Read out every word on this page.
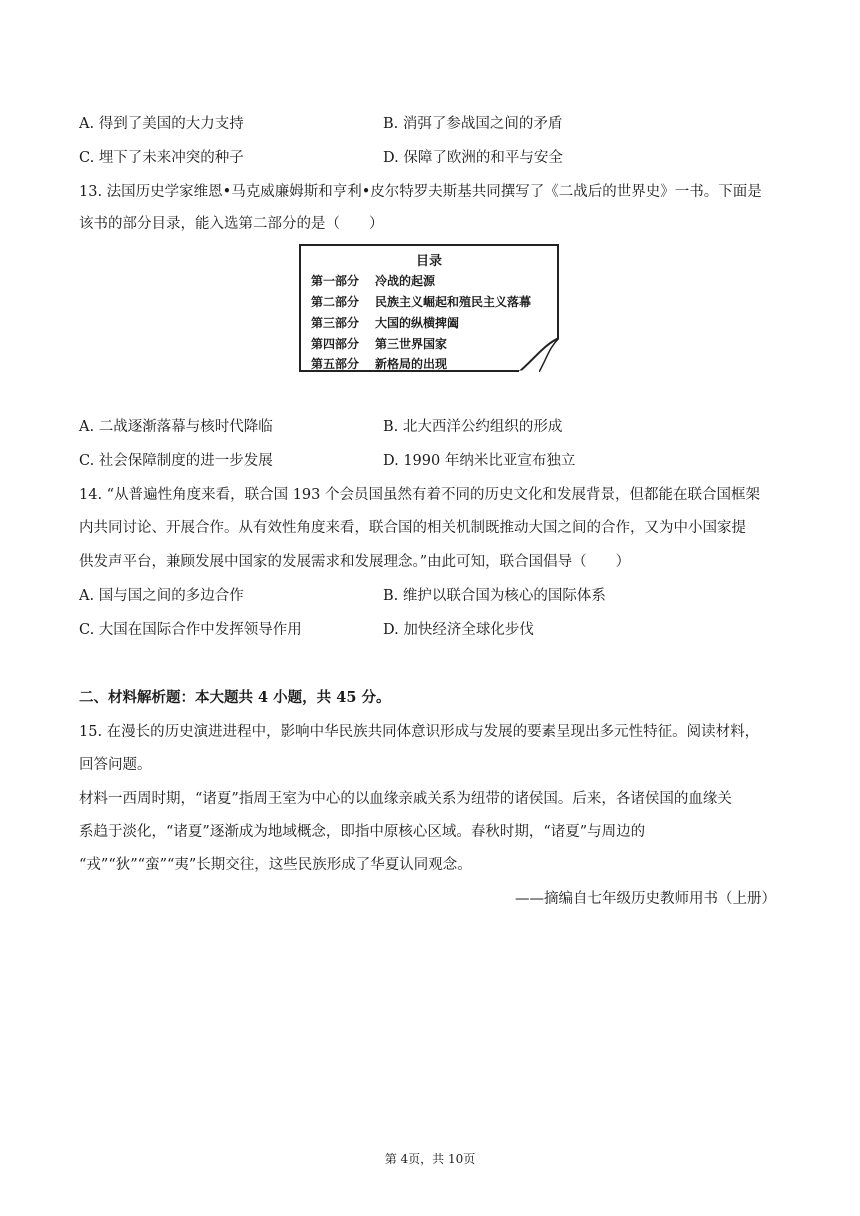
A. 得到了美国的大力支持	B. 消弭了参战国之间的矛盾
C. 埋下了未来冲突的种子	D. 保障了欧洲的和平与安全
13. 法国历史学家维恩•马克威廉姆斯和亨利•皮尔特罗夫斯基共同撰写了《二战后的世界史》一书。下面是
该书的部分目录，能入选第二部分的是（　　）
目录
第一部分 冷战的起源
第二部分 民族主义崛起和殖民主义落幕
第三部分 大国的纵横捭阖
第四部分 第三世界国家
第五部分 新格局的出现
A. 二战逐渐落幕与核时代降临	B. 北大西洋公约组织的形成
C. 社会保障制度的进一步发展	D. 1990 年纳米比亚宣布独立
14. “从普遍性角度来看，联合国 193 个会员国虽然有着不同的历史文化和发展背景，但都能在联合国框架
内共同讨论、开展合作。从有效性角度来看，联合国的相关机制既推动大国之间的合作，又为中小国家提
供发声平台，兼顾发展中国家的发展需求和发展理念。”由此可知，联合国倡导（　　）
A. 国与国之间的多边合作	B. 维护以联合国为核心的国际体系
C. 大国在国际合作中发挥领导作用	D. 加快经济全球化步伐
二、材料解析题：本大题共 4 小题，共 45 分。
15. 在漫长的历史演进进程中，影响中华民族共同体意识形成与发展的要素呈现出多元性特征。阅读材料，
回答问题。
材料一西周时期，“诸夏”指周王室为中心的以血缘亲戚关系为纽带的诸侯国。后来，各诸侯国的血缘关
系趋于淡化，“诸夏”逐渐成为地域概念，即指中原核心区域。春秋时期，“诸夏”与周边的
“戎”“狄”“蛮”“夷”长期交往，这些民族形成了华夏认同观念。
——摘编自七年级历史教师用书（上册）
第 4页，共 10页
